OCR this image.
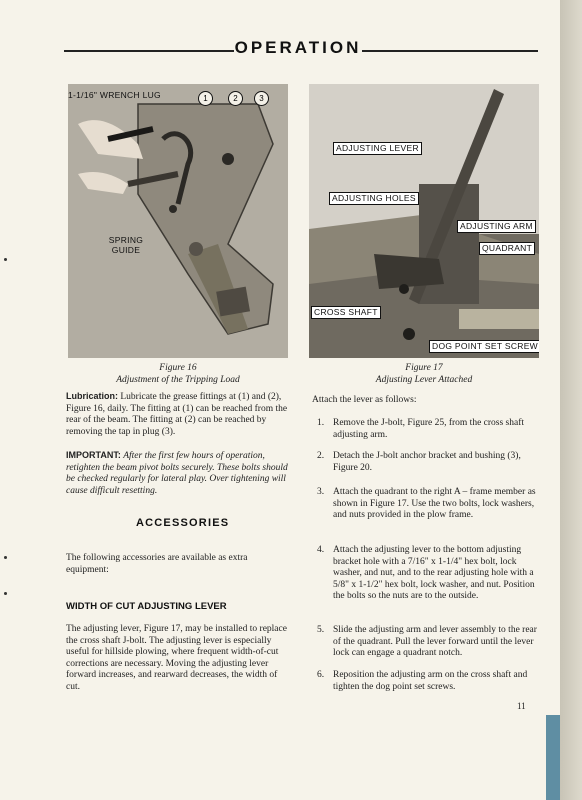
OPERATION
1-1/16" WRENCH LUG	1	2	3
SPRING
GUIDE
Figure 16
Adjustment of the Tripping Load
ADJUSTING LEVER
ADJUSTING HOLES
ADJUSTING ARM
QUADRANT
CROSS SHAFT
DOG POINT SET SCREW
Figure 17
Adjusting Lever Attached
Lubrication: Lubricate the grease fittings at (1) and (2), Figure 16, daily. The fitting at (1) can be reached from the rear of the beam. The fitting at (2) can be reached by removing the tap in plug (3).
IMPORTANT: After the first few hours of operation, retighten the beam pivot bolts securely. These bolts should be checked regularly for lateral play. Over tightening will cause difficult resetting.
ACCESSORIES
The following accessories are available as extra equipment:
WIDTH OF CUT ADJUSTING LEVER
The adjusting lever, Figure 17, may be installed to replace the cross shaft J-bolt. The adjusting lever is especially useful for hillside plowing, where frequent width-of-cut corrections are necessary. Moving the adjusting lever forward increases, and rearward decreases, the width of cut.
Attach the lever as follows:
1. Remove the J-bolt, Figure 25, from the cross shaft adjusting arm.
2. Detach the J-bolt anchor bracket and bushing (3), Figure 20.
3. Attach the quadrant to the right A – frame member as shown in Figure 17. Use the two bolts, lock washers, and nuts provided in the plow frame.
4. Attach the adjusting lever to the bottom adjusting bracket hole with a 7/16" x 1-1/4" hex bolt, lock washer, and nut, and to the rear adjusting hole with a 5/8" x 1-1/2" hex bolt, lock washer, and nut. Position the bolts so the nuts are to the outside.
5. Slide the adjusting arm and lever assembly to the rear of the quadrant. Pull the lever forward until the lever lock can engage a quadrant notch.
6. Reposition the adjusting arm on the cross shaft and tighten the dog point set screws.
11
